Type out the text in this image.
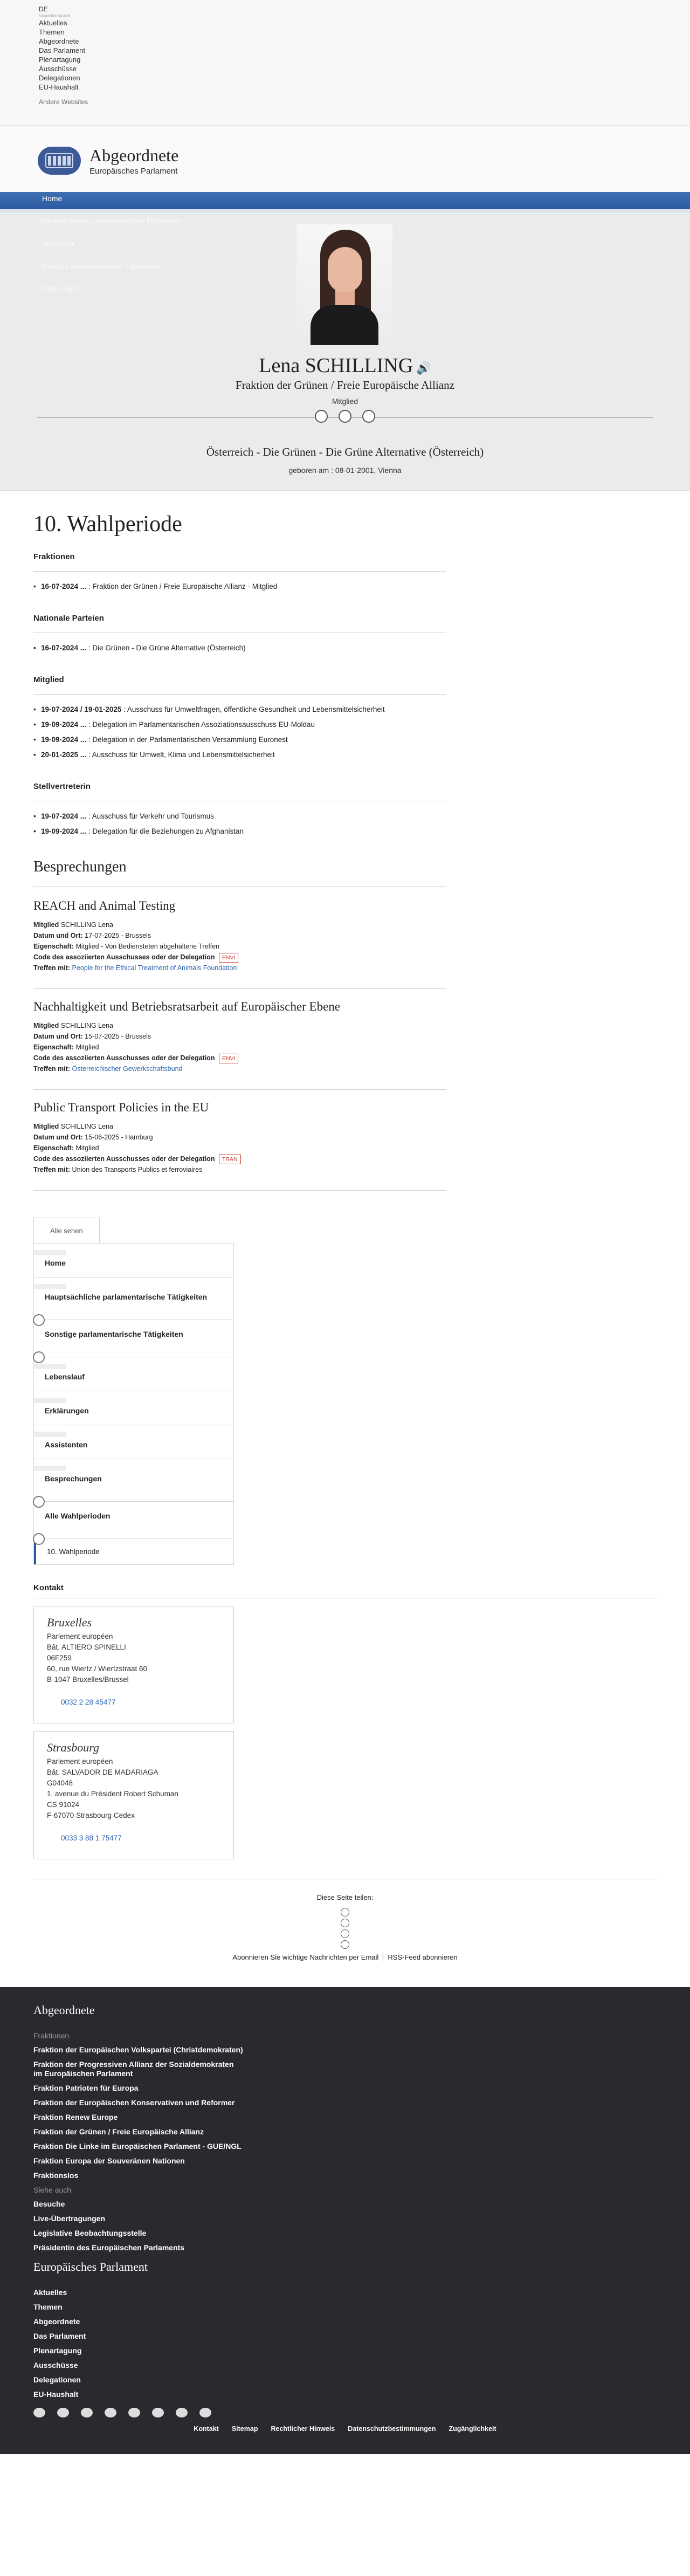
DE
Ausgewählte Sprache
Aktuelles
Themen
Abgeordnete
Das Parlament
Plenartagung
Ausschüsse
Delegationen
EU-Haushalt
Andere Websites
Abgeordnete
Europäisches Parlament
Home
Hauptsächliche parlamentarische Tätigkeiten
Lebenslauf
Sonstige parlamentarische Tätigkeiten
Erklärungen
Lena SCHILLING 🔊
Fraktion der Grünen / Freie Europäische Allianz
Mitglied
Österreich - Die Grünen - Die Grüne Alternative (Österreich)
geboren am : 08-01-2001, Vienna
10. Wahlperiode
Fraktionen
• 16-07-2024 ... : Fraktion der Grünen / Freie Europäische Allianz - Mitglied
Nationale Parteien
• 16-07-2024 ... : Die Grünen - Die Grüne Alternative (Österreich)
Mitglied
• 19-07-2024 / 19-01-2025 : Ausschuss für Umweltfragen, öffentliche Gesundheit und Lebensmittelsicherheit
• 19-09-2024 ... : Delegation im Parlamentarischen Assoziationsausschuss EU-Moldau
• 19-09-2024 ... : Delegation in der Parlamentarischen Versammlung Euronest
• 20-01-2025 ... : Ausschuss für Umwelt, Klima und Lebensmittelsicherheit
Stellvertreterin
• 19-07-2024 ... : Ausschuss für Verkehr und Tourismus
• 19-09-2024 ... : Delegation für die Beziehungen zu Afghanistan
Besprechungen
REACH and Animal Testing

Mitglied SCHILLING Lena

Datum und Ort: 17-07-2025 - Brussels

Eigenschaft: Mitglied - Von Bediensteten abgehaltene Treffen

Code des assoziierten Ausschusses oder der Delegation ENVI

Treffen mit: People for the Ethical Treatment of Animals Foundation

Nachhaltigkeit und Betriebsratsarbeit auf Europäischer Ebene

Mitglied SCHILLING Lena

Datum und Ort: 15-07-2025 - Brussels

Eigenschaft: Mitglied

Code des assoziierten Ausschusses oder der Delegation ENVI

Treffen mit: Österreichischer Gewerkschaftsbund

Public Transport Policies in the EU

Mitglied SCHILLING Lena

Datum und Ort: 15-06-2025 - Hamburg

Eigenschaft: Mitglied

Code des assoziierten Ausschusses oder der Delegation TRAN

Treffen mit: Union des Transports Publics et ferroviaires

Alle sehen
Home
Hauptsächliche parlamentarische Tätigkeiten
Sonstige parlamentarische Tätigkeiten
Lebenslauf
Erklärungen
Assistenten
Besprechungen
Alle Wahlperioden
10. Wahlperiode
Kontakt
Bruxelles
Parlement européen
Bât. ALTIERO SPINELLI
06F259
60, rue Wiertz / Wiertzstraat 60
B-1047 Bruxelles/Brussel
0032 2 28 45477
Strasbourg
Parlement européen
Bât. SALVADOR DE MADARIAGA
G04048
1, avenue du Président Robert Schuman
CS 91024
F-67070 Strasbourg Cedex
0033 3 88 1 75477
Diese Seite teilen:
Abonnieren Sie wichtige Nachrichten per Email RSS-Feed abonnieren
Abgeordnete
Fraktionen
Fraktion der Europäischen Volkspartei (Christdemokraten)
Fraktion der Progressiven Allianz der Sozialdemokraten im Europäischen Parlament
Fraktion Patrioten für Europa
Fraktion der Europäischen Konservativen und Reformer
Fraktion Renew Europe
Fraktion der Grünen / Freie Europäische Allianz
Fraktion Die Linke im Europäischen Parlament - GUE/NGL
Fraktion Europa der Souveränen Nationen
Fraktionslos
Siehe auch
Besuche
Live-Übertragungen
Legislative Beobachtungsstelle
Präsidentin des Europäischen Parlaments
Europäisches Parlament
Aktuelles
Themen
Abgeordnete
Das Parlament
Plenartagung
Ausschüsse
Delegationen
EU-Haushalt
Kontakt Sitemap Rechtlicher Hinweis Datenschutzbestimmungen Zugänglichkeit
